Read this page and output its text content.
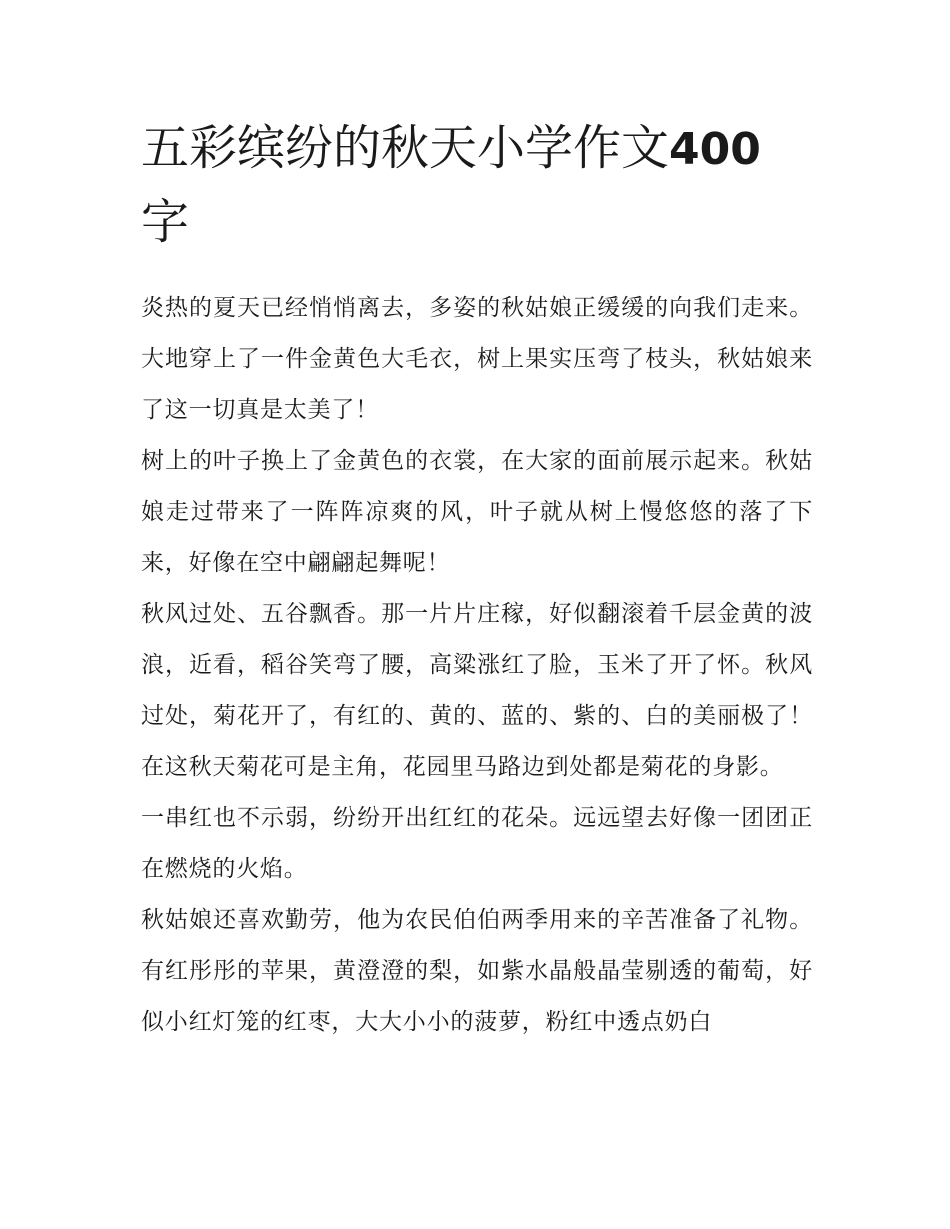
五彩缤纷的秋天小学作文400
字

炎热的夏天已经悄悄离去，多姿的秋姑娘正缓缓的向我们走来。 大地穿上了一件金黄色大毛衣，树上果实压弯了枝头，秋姑娘来了这一切真是太美了！

树上的叶子换上了金黄色的衣裳，在大家的面前展示起来。秋姑娘走过带来了一阵阵凉爽的风，叶子就从树上慢悠悠的落了下来，好像在空中翩翩起舞呢！

秋风过处、五谷飘香。那一片片庄稼，好似翻滚着千层金黄的波浪，近看，稻谷笑弯了腰，高粱涨红了脸，玉米了开了怀。秋风过处，菊花开了，有红的、黄的、蓝的、紫的、白的美丽极了！在这秋天菊花可是主角，花园里马路边到处都是菊花的身影。

一串红也不示弱，纷纷开出红红的花朵。远远望去好像一团团正在燃烧的火焰。

秋姑娘还喜欢勤劳，他为农民伯伯两季用来的辛苦准备了礼物。有红彤彤的苹果，黄澄澄的梨，如紫水晶般晶莹剔透的葡萄，好似小红灯笼的红枣，大大小小的菠萝，粉红中透点奶白
